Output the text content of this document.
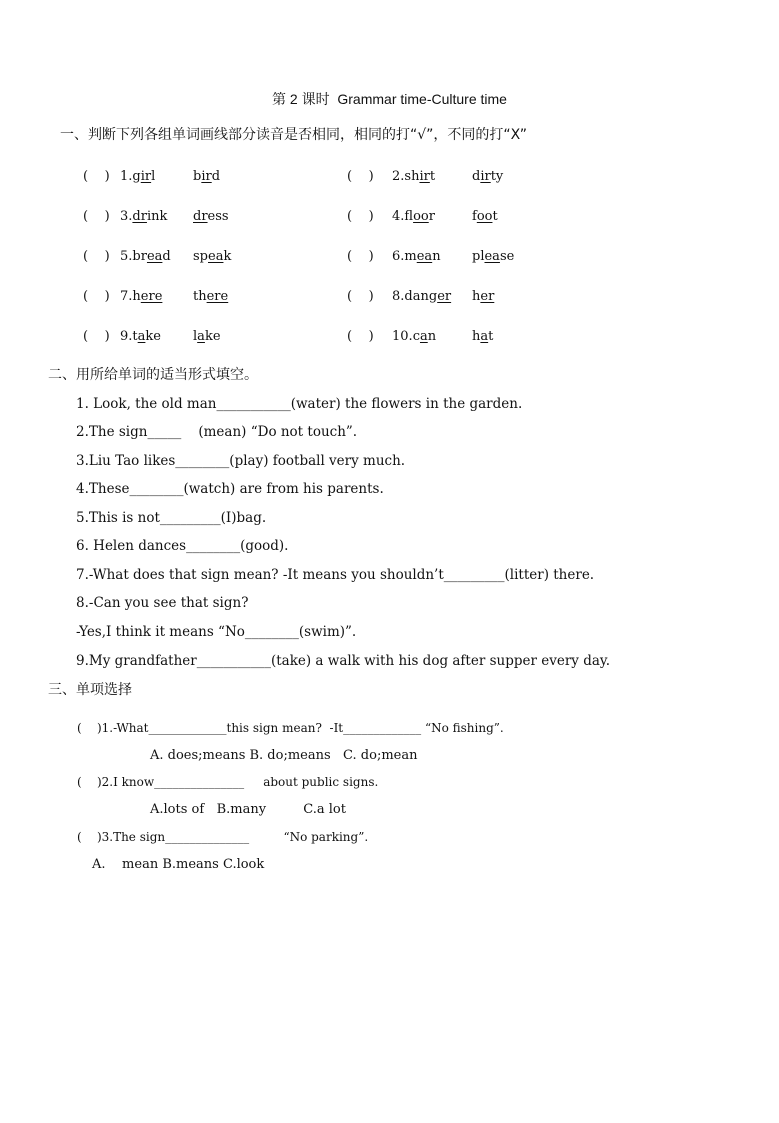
第 2 课时  Grammar time-Culture time
一、判断下列各组单词画线部分读音是否相同，相同的打“√”，不同的打“X”
(    ) 1.girl	bird	(    ) 2.shirt	dirty
(    ) 3.drink dress	(    ) 4.floor	foot
(    ) 5.bread speak	(    ) 6.mean please
(    ) 7.here there	(    ) 8.danger her
(    ) 9.take lake	(    ) 10.can	hat
二、用所给单词的适当形式填空。
1. Look, the old man___________(water) the flowers in the garden.
2.The sign_____    (mean) “Do not touch”.
3.Liu Tao likes________(play) football very much.
4.These________(watch) are from his parents.
5.This is not_________(I)bag.
6. Helen dances________(good).
7.-What does that sign mean? -It means you shouldn’t_________(litter) there.
8.-Can you see that sign?
-Yes,I think it means “No________(swim)”.
9.My grandfather___________(take) a walk with his dog after supper every day.
三、单项选择
(    )1.-What_____________this sign mean?  -It_____________ “No fishing”.
A. does;means B. do;means   C. do;mean
(    )2.I know_______________     about public signs.
A.lots of   B.many         C.a lot
(    )3.The sign______________         “No parking”.
A.    mean B.means C.look
